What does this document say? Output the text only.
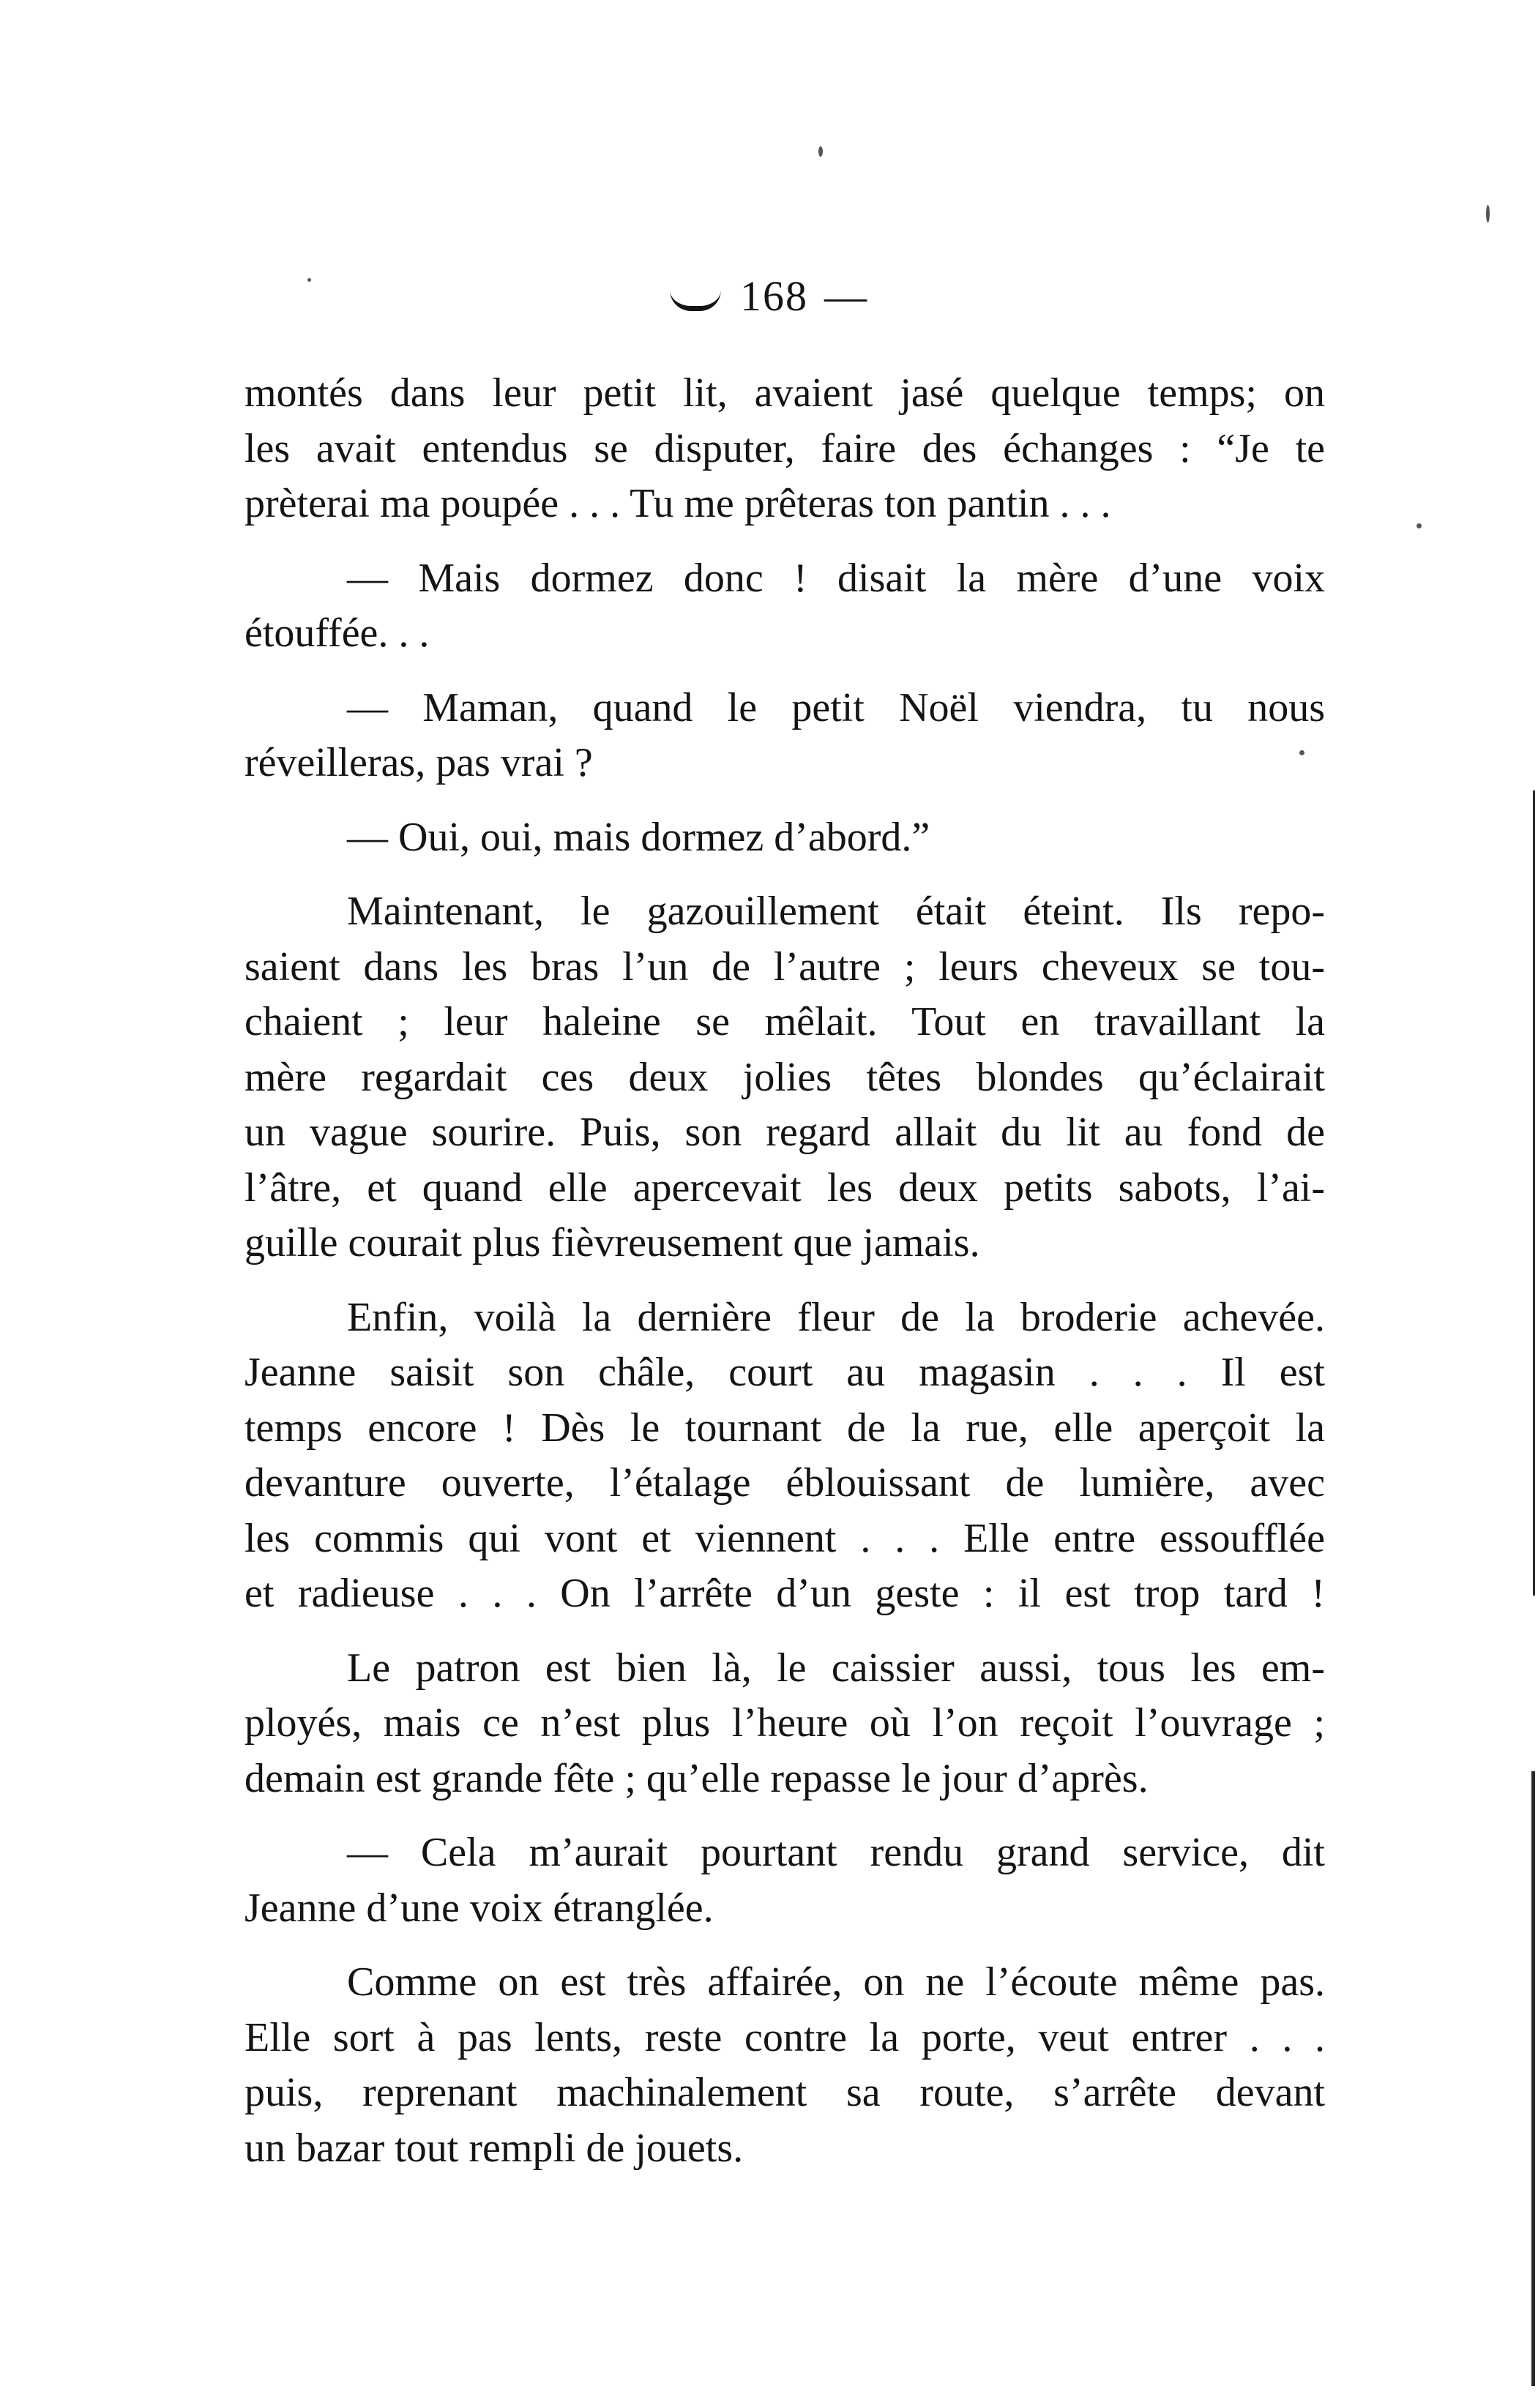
168 —
montés dans leur petit lit, avaient jasé quelque temps; on
les avait entendus se disputer, faire des échanges : “Je te
prèterai ma poupée . . . Tu me prêteras ton pantin . . .
— Mais dormez donc ! disait la mère d’une voix
étouffée. . .
— Maman, quand le petit Noël viendra, tu nous
réveilleras, pas vrai ?
— Oui, oui, mais dormez d’abord.”
Maintenant, le gazouillement était éteint. Ils repo-
saient dans les bras l’un de l’autre ; leurs cheveux se tou-
chaient ; leur haleine se mêlait. Tout en travaillant la
mère regardait ces deux jolies têtes blondes qu’éclairait
un vague sourire. Puis, son regard allait du lit au fond de
l’âtre, et quand elle apercevait les deux petits sabots, l’ai-
guille courait plus fièvreusement que jamais.
Enfin, voilà la dernière fleur de la broderie achevée.
Jeanne saisit son châle, court au magasin . . . Il est
temps encore ! Dès le tournant de la rue, elle aperçoit la
devanture ouverte, l’étalage éblouissant de lumière, avec
les commis qui vont et viennent . . . Elle entre essoufflée
et radieuse . . . On l’arrête d’un geste : il est trop tard !
Le patron est bien là, le caissier aussi, tous les em-
ployés, mais ce n’est plus l’heure où l’on reçoit l’ouvrage ;
demain est grande fête ; qu’elle repasse le jour d’après.
— Cela m’aurait pourtant rendu grand service, dit
Jeanne d’une voix étranglée.
Comme on est très affairée, on ne l’écoute même pas.
Elle sort à pas lents, reste contre la porte, veut entrer . . .
puis, reprenant machinalement sa route, s’arrête devant
un bazar tout rempli de jouets.
